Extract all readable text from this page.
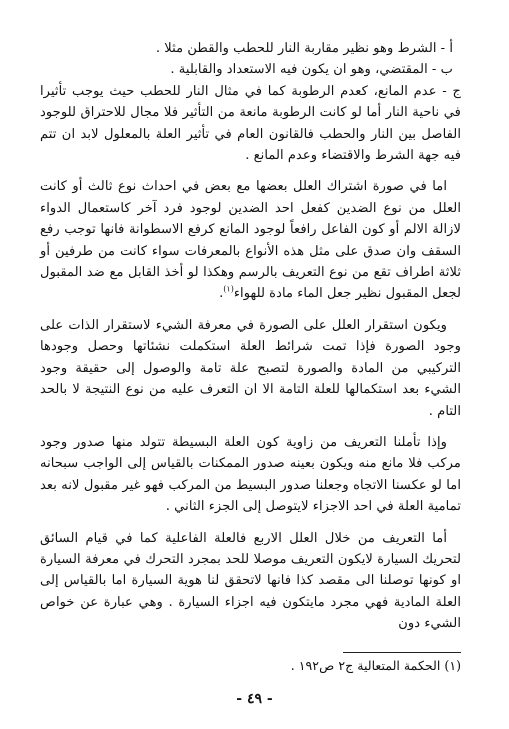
أ - الشرط وهو نظير مقاربة النار للحطب والقطن مثلا .

ب - المقتضي، وهو ان يكون فيه الاستعداد والقابلية .

ج - عدم المانع، كعدم الرطوبة كما في مثال النار للحطب حيث يوجب تأثيرا في ناحية النار أما لو كانت الرطوبة مانعة من التأثير فلا مجال للاحتراق للوجود الفاصل بين النار والحطب فالقانون العام في تأثير العلة بالمعلول لابد ان تتم فيه جهة الشرط والاقتضاء وعدم المانع .

اما في صورة اشتراك العلل بعضها مع بعض في احداث نوع ثالث أو كانت العلل من نوع الضدين كفعل احد الضدين لوجود فرد آخر كاستعمال الدواء لازالة الالم أو كون الفاعل رافعاً لوجود المانع كرفع الاسطوانة فانها توجب رفع السقف وان صدق على مثل هذه الأنواع بالمعرفات سواء كانت من طرفين أو ثلاثة اطراف تقع من نوع التعريف بالرسم وهكذا لو أخذ القابل مع ضد المقبول لجعل المقبول نظير جعل الماء مادة للهواء$^{(١)}$.

ويكون استقرار العلل على الصورة في معرفة الشيء لاستقرار الذات على وجود الصورة فإذا تمت شرائط العلة استكملت نشئاتها وحصل وجودها التركيبي من المادة والصورة لتصبح علة تامة والوصول إلى حقيقة وجود الشيء بعد استكمالها للعلة التامة الا ان التعرف عليه من نوع النتيجة لا بالحد التام .

وإذا تأملنا التعريف من زاوية كون العلة البسيطة تتولد منها صدور وجود مركب فلا مانع منه ويكون بعينه صدور الممكنات بالقياس إلى الواجب سبحانه اما لو عكسنا الاتجاه وجعلنا صدور البسيط من المركب فهو غير مقبول لانه بعد تمامية العلة في احد الاجزاء لايتوصل إلى الجزء الثاني .

أما التعريف من خلال العلل الاربع فالعلة الفاعلية كما في قيام السائق لتحريك السيارة لايكون التعريف موصلا للحد بمجرد التحرك في معرفة السيارة او كونها توصلنا الى مقصد كذا فانها لاتحقق لنا هوية السيارة اما بالقياس إلى العلة المادية فهي مجرد مايتكون فيه اجزاء السيارة . وهي عبارة عن خواص الشيء دون

(١) الحكمة المتعالية ج٢ ص١٩٢ .
- ٤٩ -
